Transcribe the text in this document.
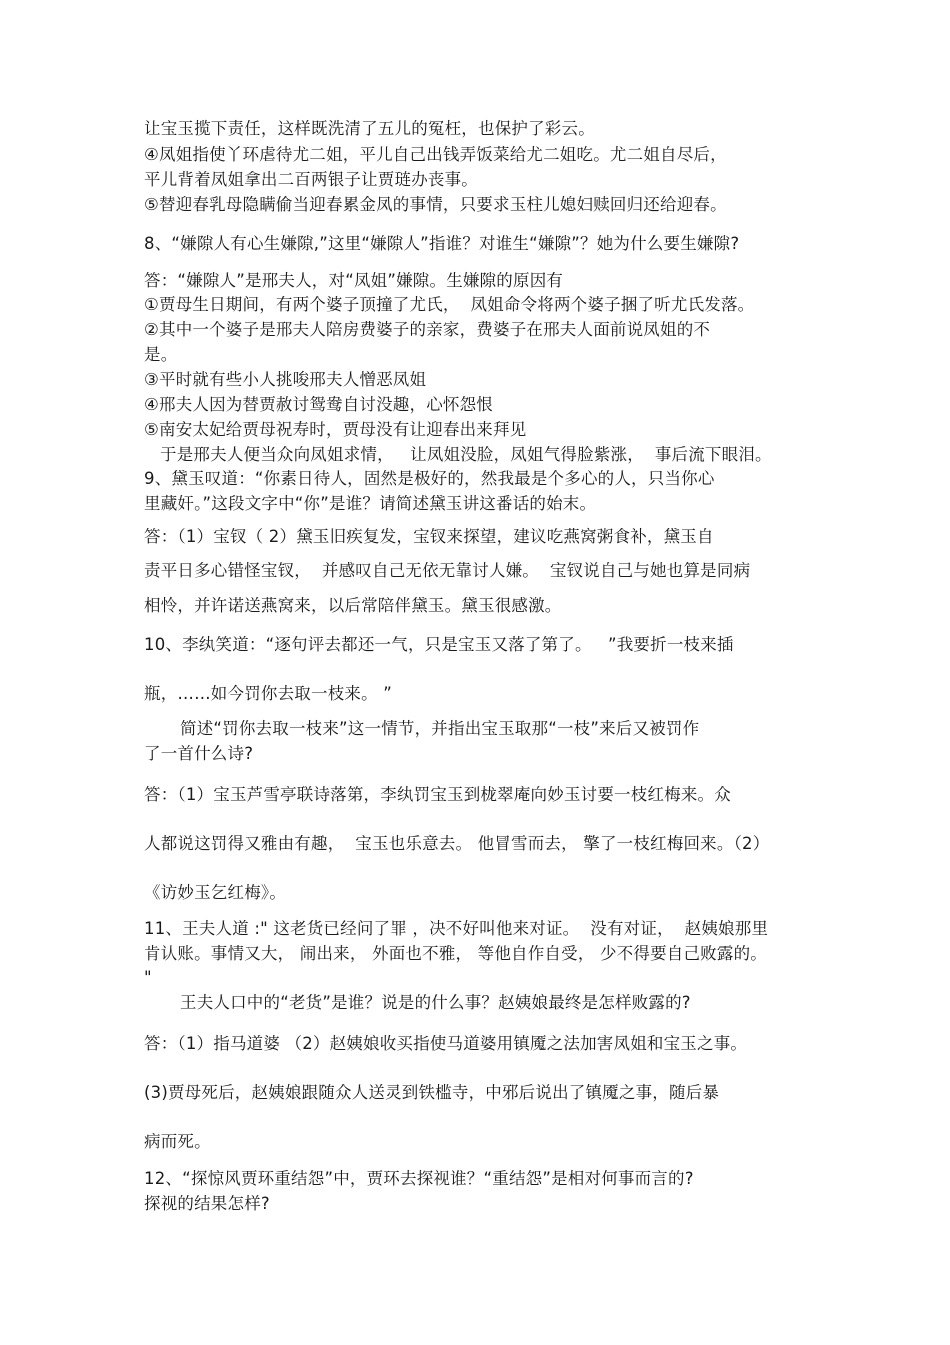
让宝玉揽下责任，这样既洗清了五儿的冤枉，也保护了彩云。
④凤姐指使丫环虐待尤二姐，平儿自己出钱弄饭菜给尤二姐吃。尤二姐自尽后，
平儿背着凤姐拿出二百两银子让贾琏办丧事。
⑤替迎春乳母隐瞒偷当迎春累金凤的事情，只要求玉柱儿媳妇赎回归还给迎春。
8、“嫌隙人有心生嫌隙,”这里“嫌隙人”指谁？对谁生“嫌隙”？她为什么要生嫌隙?
答：“嫌隙人”是邢夫人，对“凤姐”嫌隙。生嫌隙的原因有
①贾母生日期间，有两个婆子顶撞了尤氏，  凤姐命令将两个婆子捆了听尤氏发落。
②其中一个婆子是邢夫人陪房费婆子的亲家，费婆子在邢夫人面前说凤姐的不
是。
③平时就有些小人挑唆邢夫人憎恶凤姐
④邢夫人因为替贾赦讨鸳鸯自讨没趣，心怀怨恨
⑤南安太妃给贾母祝寿时，贾母没有让迎春出来拜见
于是邢夫人便当众向凤姐求情，   让凤姐没脸，凤姐气得脸紫涨，  事后流下眼泪。
9、黛玉叹道：“你素日待人，固然是极好的，然我最是个多心的人，只当你心
里藏奸。”这段文字中“你”是谁？请简述黛玉讲这番话的始末。
答：（1）宝钗（ 2）黛玉旧疾复发，宝钗来探望，建议吃燕窝粥食补，黛玉自
责平日多心错怪宝钗，  并感叹自己无依无靠讨人嫌。  宝钗说自己与她也算是同病
相怜，并许诺送燕窝来，以后常陪伴黛玉。黛玉很感激。
10、李纨笑道：“逐句评去都还一气，只是宝玉又落了第了。   ”我要折一枝来插
瓶，……如今罚你去取一枝来。 ”
简述“罚你去取一枝来”这一情节，并指出宝玉取那“一枝”来后又被罚作
了一首什么诗?
答：（1）宝玉芦雪亭联诗落第，李纨罚宝玉到栊翠庵向妙玉讨要一枝红梅来。众
人都说这罚得又雅由有趣，  宝玉也乐意去。 他冒雪而去， 擎了一枝红梅回来。（2）
《访妙玉乞红梅》。
11、王夫人道 :" 这老货已经问了罪 ，决不好叫他来对证。  没有对证，  赵姨娘那里
肯认账。事情又大， 闹出来， 外面也不雅， 等他自作自受， 少不得要自己败露的。
"
王夫人口中的“老货”是谁？说是的什么事？赵姨娘最终是怎样败露的?
答：（1）指马道婆 （2）赵姨娘收买指使马道婆用镇魇之法加害凤姐和宝玉之事。
(3)贾母死后，赵姨娘跟随众人送灵到铁槛寺，中邪后说出了镇魇之事，随后暴
病而死。
12、“探惊风贾环重结怨”中，贾环去探视谁？“重结怨”是相对何事而言的?
探视的结果怎样?
